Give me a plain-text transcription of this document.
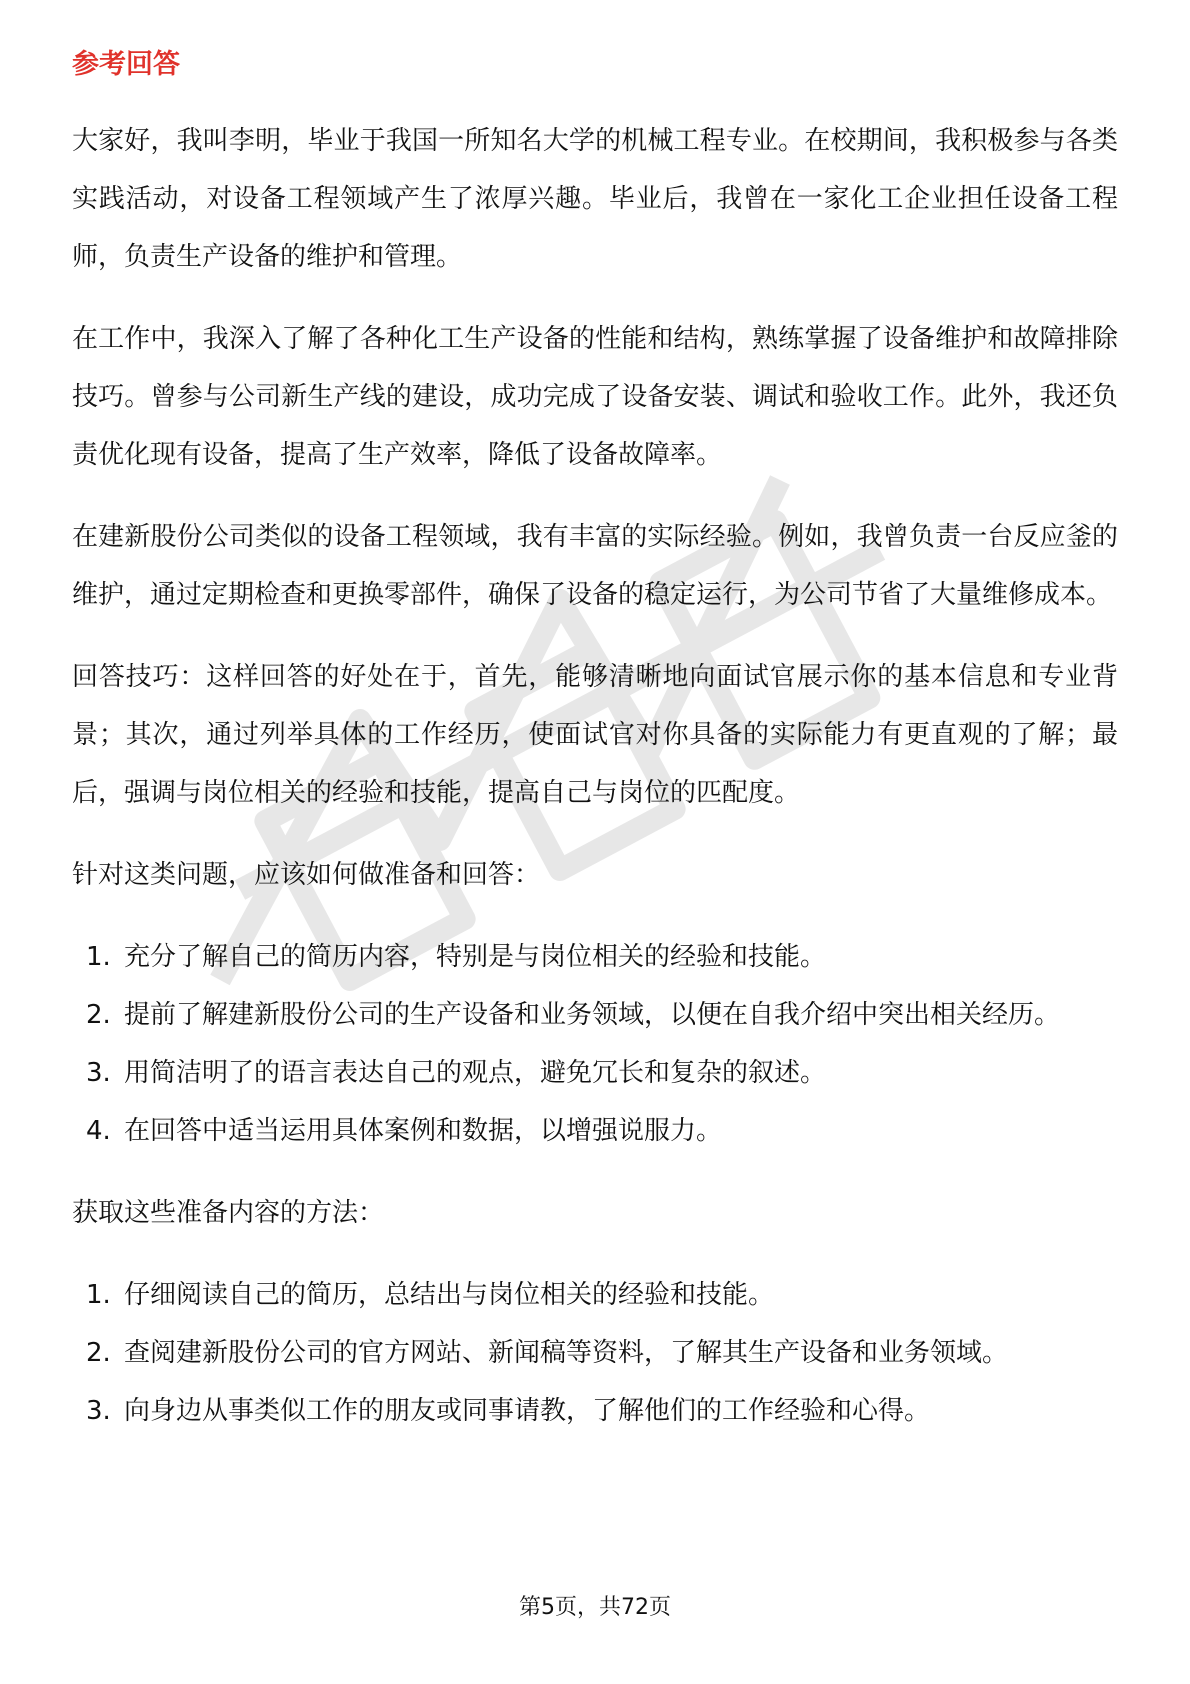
参考回答

大家好，我叫李明，毕业于我国一所知名大学的机械工程专业。在校期间，我积极参与各类实践活动，对设备工程领域产生了浓厚兴趣。毕业后，我曾在一家化工企业担任设备工程师，负责生产设备的维护和管理。

在工作中，我深入了解了各种化工生产设备的性能和结构，熟练掌握了设备维护和故障排除技巧。曾参与公司新生产线的建设，成功完成了设备安装、调试和验收工作。此外，我还负责优化现有设备，提高了生产效率，降低了设备故障率。

在建新股份公司类似的设备工程领域，我有丰富的实际经验。例如，我曾负责一台反应釜的维护，通过定期检查和更换零部件，确保了设备的稳定运行，为公司节省了大量维修成本。

回答技巧：这样回答的好处在于，首先，能够清晰地向面试官展示你的基本信息和专业背景；其次，通过列举具体的工作经历，使面试官对你具备的实际能力有更直观的了解；最后，强调与岗位相关的经验和技能，提高自己与岗位的匹配度。

针对这类问题，应该如何做准备和回答：

1. 充分了解自己的简历内容，特别是与岗位相关的经验和技能。
2. 提前了解建新股份公司的生产设备和业务领域，以便在自我介绍中突出相关经历。
3. 用简洁明了的语言表达自己的观点，避免冗长和复杂的叙述。
4. 在回答中适当运用具体案例和数据，以增强说服力。

获取这些准备内容的方法：

1. 仔细阅读自己的简历，总结出与岗位相关的经验和技能。
2. 查阅建新股份公司的官方网站、新闻稿等资料，了解其生产设备和业务领域。
3. 向身边从事类似工作的朋友或同事请教，了解他们的工作经验和心得。
第5页，共72页
